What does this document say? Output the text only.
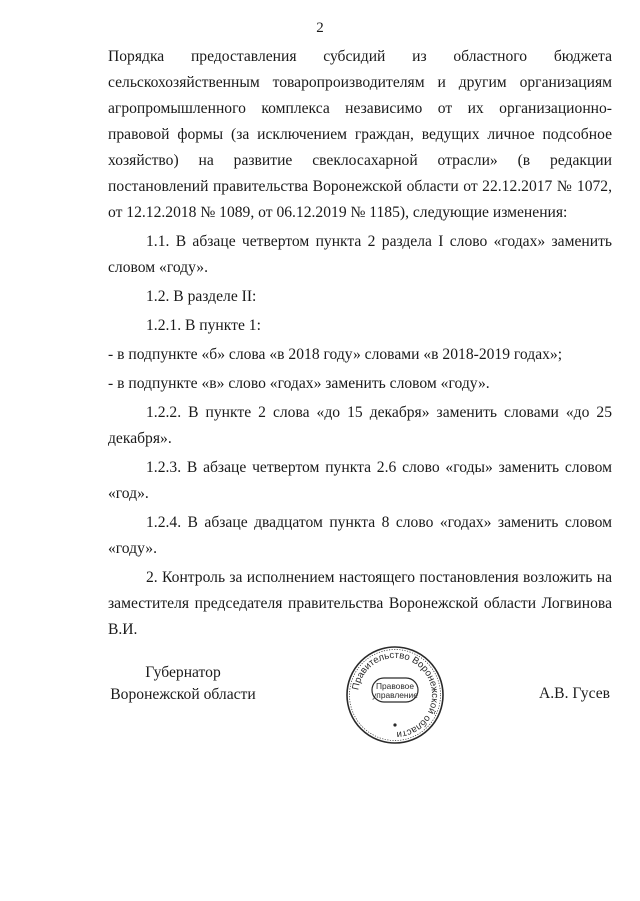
2

Порядка предоставления субсидий из областного бюджета сельскохозяйственным товаропроизводителям и другим организациям агропромышленного комплекса независимо от их организационно-правовой формы (за исключением граждан, ведущих личное подсобное хозяйство) на развитие свеклосахарной отрасли» (в редакции постановлений правительства Воронежской области от 22.12.2017 № 1072, от 12.12.2018 № 1089, от 06.12.2019 № 1185), следующие изменения:

1.1. В абзаце четвертом пункта 2 раздела I слово «годах» заменить словом «году».

1.2. В разделе II:

1.2.1. В пункте 1:

- в подпункте «б» слова «в 2018 году» словами «в 2018-2019 годах»;

- в подпункте «в» слово «годах» заменить словом «году».

1.2.2. В пункте 2 слова «до 15 декабря» заменить словами «до 25 декабря».

1.2.3. В абзаце четвертом пункта 2.6 слово «годы» заменить словом «год».

1.2.4. В абзаце двадцатом пункта 8 слово «годах» заменить словом «году».

2. Контроль за исполнением настоящего постановления возложить на заместителя председателя правительства Воронежской области Логвинова В.И.

Губернатор
Воронежской области	А.В. Гусев
Правительство Воронежской области
Правовое
управление
